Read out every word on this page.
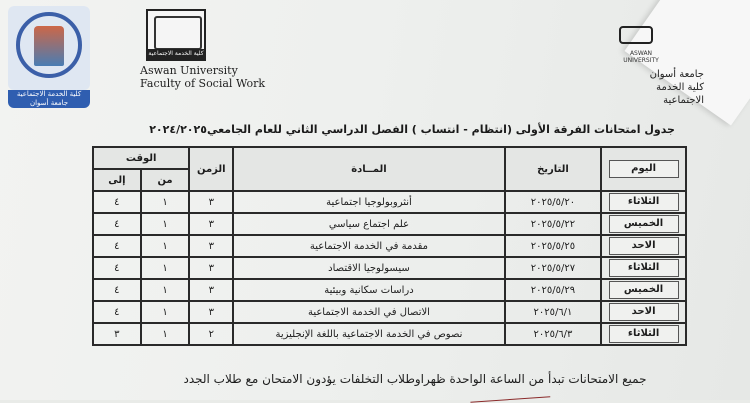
كلية الخدمة الاجتماعية جامعة أسوان
كلية الخدمة الاجتماعية
Aswan University
Faculty of Social Work
ASWAN UNIVERSITY
جامعة أسوان
كلية الخدمة الاجتماعية
جدول امتحانات الفرقة الأولى (انتظام - انتساب ) الفصل الدراسي الثاني للعام الجامعي٢٠٢٤/٢٠٢٥
اليوم	التاريخ	المــادة	الزمن	الوقت	
				من	إلى
الثلاثاء	٢٠٢٥/٥/٢٠	أنثروبولوجيا اجتماعية	٣	١	٤
الخميس	٢٠٢٥/٥/٢٢	علم اجتماع سياسي	٣	١	٤
الاحد	٢٠٢٥/٥/٢٥	مقدمة في الخدمة الاجتماعية	٣	١	٤
الثلاثاء	٢٠٢٥/٥/٢٧	سيسولوجيا الاقتصاد	٣	١	٤
الخميس	٢٠٢٥/٥/٢٩	دراسات سكانية وبيئية	٣	١	٤
الاحد	٢٠٢٥/٦/١	الاتصال في الخدمة الاجتماعية	٣	١	٤
الثلاثاء	٢٠٢٥/٦/٣	نصوص في الخدمة الاجتماعية باللغة الإنجليزية	٢	١	٣
جميع الامتحانات تبدأ من الساعة الواحدة ظهراوطلاب التخلفات يؤدون الامتحان مع طلاب الجدد
